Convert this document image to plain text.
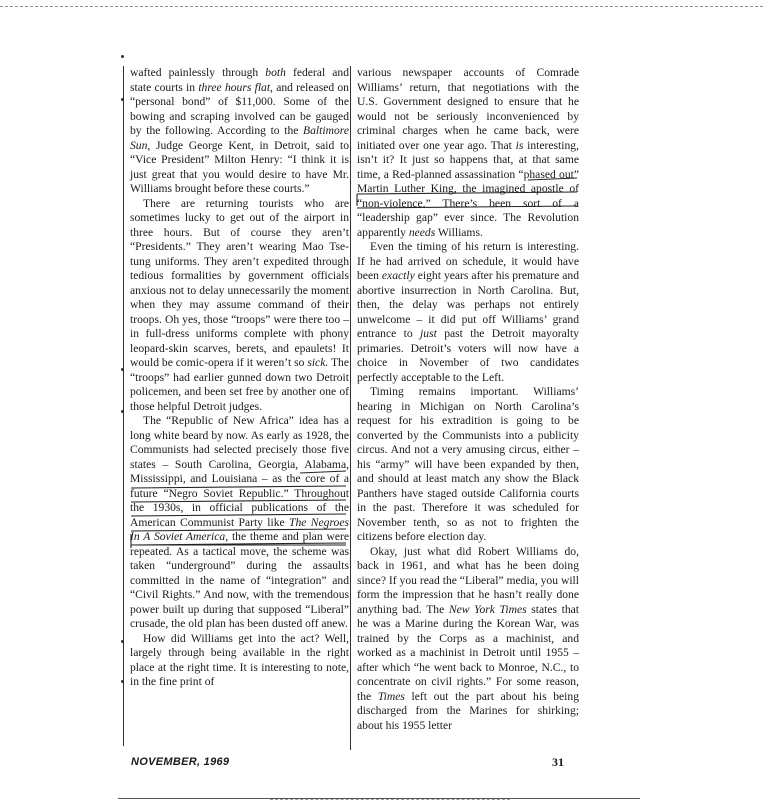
wafted painlessly through both federal and state courts in three hours flat, and released on “personal bond” of $11,000. Some of the bowing and scraping involved can be gauged by the following. According to the Baltimore Sun, Judge George Kent, in Detroit, said to “Vice President” Milton Henry: “I think it is just great that you would desire to have Mr. Williams brought before these courts.”

There are returning tourists who are sometimes lucky to get out of the airport in three hours. But of course they aren’t “Presidents.” They aren’t wearing Mao Tse-tung uniforms. They aren’t expedited through tedious formalities by government officials anxious not to delay unnecessarily the moment when they may assume command of their troops. Oh yes, those “troops” were there too – in full-dress uniforms complete with phony leopard-skin scarves, berets, and epaulets! It would be comic-opera if it weren’t so sick. The “troops” had earlier gunned down two Detroit policemen, and been set free by another one of those helpful Detroit judges.

The “Republic of New Africa” idea has a long white beard by now. As early as 1928, the Communists had selected precisely those five states – South Carolina, Georgia, Alabama, Mississippi, and Louisiana – as the core of a future “Negro Soviet Republic.” Throughout the 1930s, in official publications of the American Communist Party like The Negroes In A Soviet America, the theme and plan were repeated. As a tactical move, the scheme was taken “underground” during the assaults committed in the name of “integration” and “Civil Rights.” And now, with the tremendous power built up during that supposed “Liberal” crusade, the old plan has been dusted off anew.

How did Williams get into the act? Well, largely through being available in the right place at the right time. It is interesting to note, in the fine print of

various newspaper accounts of Comrade Williams’ return, that negotiations with the U.S. Government designed to ensure that he would not be seriously inconvenienced by criminal charges when he came back, were initiated over one year ago. That is interesting, isn’t it? It just so happens that, at that same time, a Red-planned assassination “phased out” Martin Luther King, the imagined apostle of “non-violence.” There’s been sort of a “leadership gap” ever since. The Revolution apparently needs Williams.

Even the timing of his return is interesting. If he had arrived on schedule, it would have been exactly eight years after his premature and abortive insurrection in North Carolina. But, then, the delay was perhaps not entirely unwelcome – it did put off Williams’ grand entrance to just past the Detroit mayoralty primaries. Detroit’s voters will now have a choice in November of two candidates perfectly acceptable to the Left.

Timing remains important. Williams’ hearing in Michigan on North Carolina’s request for his extradition is going to be converted by the Communists into a publicity circus. And not a very amusing circus, either – his “army” will have been expanded by then, and should at least match any show the Black Panthers have staged outside California courts in the past. Therefore it was scheduled for November tenth, so as not to frighten the citizens before election day.

Okay, just what did Robert Williams do, back in 1961, and what has he been doing since? If you read the “Liberal” media, you will form the impression that he hasn’t really done anything bad. The New York Times states that he was a Marine during the Korean War, was trained by the Corps as a machinist, and worked as a machinist in Detroit until 1955 – after which “he went back to Monroe, N.C., to concentrate on civil rights.” For some reason, the Times left out the part about his being discharged from the Marines for shirking; about his 1955 letter

NOVEMBER, 1969	31
